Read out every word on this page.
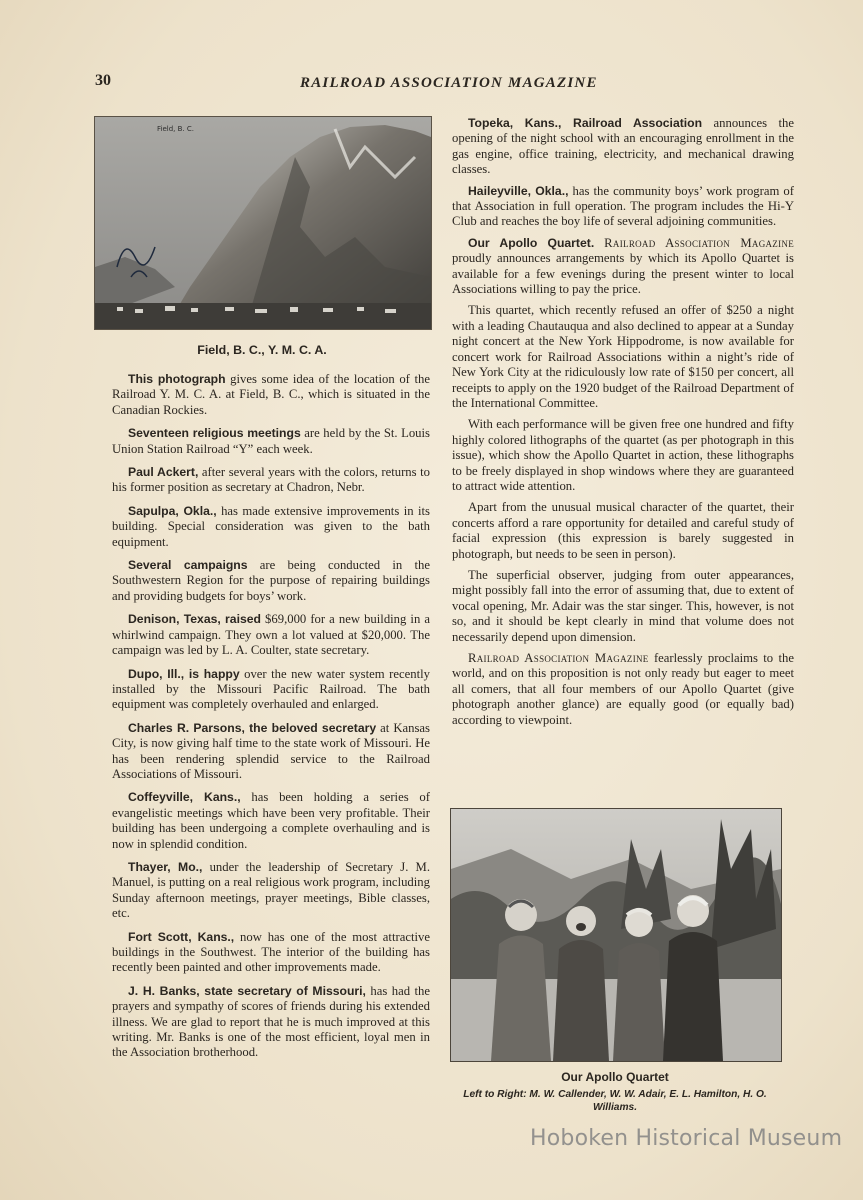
30	RAILROAD ASSOCIATION MAGAZINE
Field, B. C.
Field, B. C., Y. M. C. A.

This photograph gives some idea of the location of the Railroad Y. M. C. A. at Field, B. C., which is situated in the Canadian Rockies.

Seventeen religious meetings are held by the St. Louis Union Station Railroad “Y” each week.

Paul Ackert, after several years with the colors, returns to his former position as secretary at Chadron, Nebr.

Sapulpa, Okla., has made extensive improvements in its building. Special consideration was given to the bath equipment.

Several campaigns are being conducted in the Southwestern Region for the purpose of repairing buildings and providing budgets for boys’ work.

Denison, Texas, raised $69,000 for a new building in a whirlwind campaign. They own a lot valued at $20,000. The campaign was led by L. A. Coulter, state secretary.

Dupo, Ill., is happy over the new water system recently installed by the Missouri Pacific Railroad. The bath equipment was completely overhauled and enlarged.

Charles R. Parsons, the beloved secretary at Kansas City, is now giving half time to the state work of Missouri. He has been rendering splendid service to the Railroad Associations of Missouri.

Coffeyville, Kans., has been holding a series of evangelistic meetings which have been very profitable. Their building has been undergoing a complete overhauling and is now in splendid condition.

Thayer, Mo., under the leadership of Secretary J. M. Manuel, is putting on a real religious work program, including Sunday afternoon meetings, prayer meetings, Bible classes, etc.

Fort Scott, Kans., now has one of the most attractive buildings in the Southwest. The interior of the building has recently been painted and other improvements made.

J. H. Banks, state secretary of Missouri, has had the prayers and sympathy of scores of friends during his extended illness. We are glad to report that he is much improved at this writing. Mr. Banks is one of the most efficient, loyal men in the Association brotherhood.

Topeka, Kans., Railroad Association announces the opening of the night school with an encouraging enrollment in the gas engine, office training, electricity, and mechanical drawing classes.

Haileyville, Okla., has the community boys’ work program of that Association in full operation. The program includes the Hi-Y Club and reaches the boy life of several adjoining communities.

Our Apollo Quartet. Railroad Association Magazine proudly announces arrangements by which its Apollo Quartet is available for a few evenings during the present winter to local Associations willing to pay the price.

This quartet, which recently refused an offer of $250 a night with a leading Chautauqua and also declined to appear at a Sunday night concert at the New York Hippodrome, is now available for concert work for Railroad Associations within a night’s ride of New York City at the ridiculously low rate of $150 per concert, all receipts to apply on the 1920 budget of the Railroad Department of the International Committee.

With each performance will be given free one hundred and fifty highly colored lithographs of the quartet (as per photograph in this issue), which show the Apollo Quartet in action, these lithographs to be freely displayed in shop windows where they are guaranteed to attract wide attention.

Apart from the unusual musical character of the quartet, their concerts afford a rare opportunity for detailed and careful study of facial expression (this expression is barely suggested in photograph, but needs to be seen in person).

The superficial observer, judging from outer appearances, might possibly fall into the error of assuming that, due to extent of vocal opening, Mr. Adair was the star singer. This, however, is not so, and it should be kept clearly in mind that volume does not necessarily depend upon dimension.

Railroad Association Magazine fearlessly proclaims to the world, and on this proposition is not only ready but eager to meet all comers, that all four members of our Apollo Quartet (give photograph another glance) are equally good (or equally bad) according to viewpoint.

Our Apollo Quartet
Left to Right: M. W. Callender, W. W. Adair, E. L. Hamilton, H. O. Williams.
Hoboken Historical Museum
